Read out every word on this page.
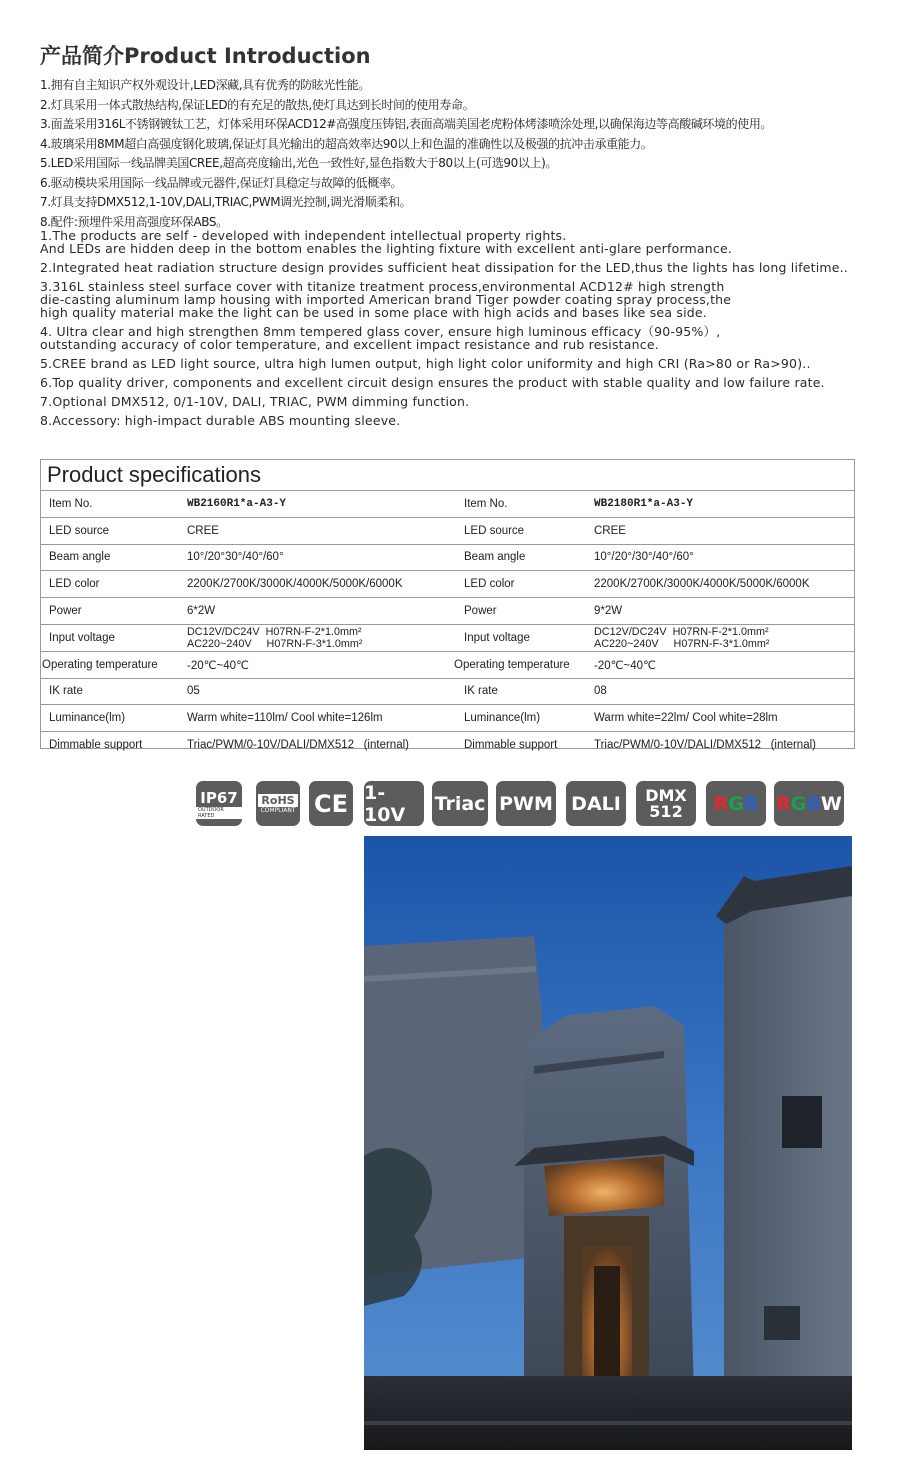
产品简介Product Introduction
1.拥有自主知识产权外观设计,LED深藏,具有优秀的防眩光性能。
2.灯具采用一体式散热结构,保证LED的有充足的散热,使灯具达到长时间的使用寿命。
3.面盖采用316L不锈钢镀钛工艺，灯体采用环保ACD12#高强度压铸铝,表面高端美国老虎粉体烤漆喷涂处理,以确保海边等高酸碱环境的使用。
4.玻璃采用8MM超白高强度钢化玻璃,保证灯具光输出的超高效率达90以上和色温的准确性以及极强的抗冲击承重能力。
5.LED采用国际一线品牌美国CREE,超高亮度输出,光色一致性好,显色指数大于80以上(可选90以上)。
6.驱动模块采用国际一线品牌或元器件,保证灯具稳定与故障的低概率。
7.灯具支持DMX512,1-10V,DALI,TRIAC,PWM调光控制,调光滑顺柔和。
8.配件:预埋件采用高强度环保ABS。
1.The products are self - developed with independent intellectual property rights.
And LEDs are hidden deep in the bottom enables the lighting fixture with excellent anti-glare performance.
2.Integrated heat radiation structure design provides sufficient heat dissipation for the LED,thus the lights has long lifetime..
3.316L stainless steel surface cover with titanize treatment process,environmental ACD12# high strength
die-casting aluminum lamp housing with imported American brand Tiger powder coating spray process,the
high quality material make the light can be used in some place with high acids and bases like sea side.
4. Ultra clear and high strengthen 8mm tempered glass cover, ensure high luminous efficacy（90-95%）,
outstanding accuracy of color temperature, and excellent impact resistance and rub resistance.
5.CREE brand as LED light source, ultra high lumen output, high light color uniformity and high CRI (Ra>80 or Ra>90)..
6.Top quality driver, components and excellent circuit design ensures the product with stable quality and low failure rate.
7.Optional DMX512, 0/1-10V, DALI, TRIAC, PWM dimming function.
8.Accessory: high-impact durable ABS mounting sleeve.
Product specifications
Item No.	WB2160R1*a-A3-Y	Item No.	WB2180R1*a-A3-Y
LED source	CREE	LED source	CREE
Beam angle	10°/20°30°/40°/60°	Beam angle	10°/20°/30°/40°/60°
LED color	2200K/2700K/3000K/4000K/5000K/6000K	LED color	2200K/2700K/3000K/4000K/5000K/6000K
Power	6*2W	Power	9*2W
Input voltage	DC12V/DC24V  H07RN-F-2*1.0mm²
AC220~240V     H07RN-F-3*1.0mm²	Input voltage	DC12V/DC24V  H07RN-F-2*1.0mm²
AC220~240V     H07RN-F-3*1.0mm²
Operating temperature	-20℃~40℃	Operating temperature -20℃~40℃
IK rate	05	IK rate	08
Luminance(lm)	Warm white=110lm/ Cool white=126lm	Luminance(lm)	Warm white=22lm/ Cool white=28lm
Dimmable support	Triac/PWM/0-10V/DALI/DMX512   (internal)	Dimmable support	Triac/PWM/0-10V/DALI/DMX512   (internal)
IP67
OUTDOOR RATED
RoHS
COMPLIANT CE 1-10V	Triac PWM DALI DMX
512 R G B R G B W
